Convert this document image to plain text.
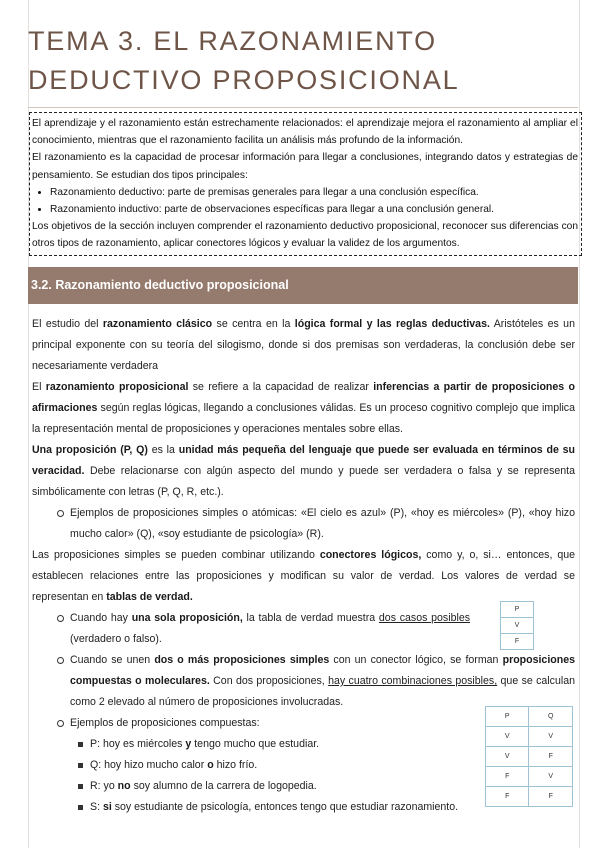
TEMA 3. EL RAZONAMIENTO DEDUCTIVO PROPOSICIONAL

El aprendizaje y el razonamiento están estrechamente relacionados: el aprendizaje mejora el razonamiento al ampliar el conocimiento, mientras que el razonamiento facilita un análisis más profundo de la información.

El razonamiento es la capacidad de procesar información para llegar a conclusiones, integrando datos y estrategias de pensamiento. Se estudian dos tipos principales:

• Razonamiento deductivo: parte de premisas generales para llegar a una conclusión específica.
• Razonamiento inductivo: parte de observaciones específicas para llegar a una conclusión general.

Los objetivos de la sección incluyen comprender el razonamiento deductivo proposicional, reconocer sus diferencias con otros tipos de razonamiento, aplicar conectores lógicos y evaluar la validez de los argumentos.

3.2. Razonamiento deductivo proposicional

El estudio del razonamiento clásico se centra en la lógica formal y las reglas deductivas. Aristóteles es un principal exponente con su teoría del silogismo, donde si dos premisas son verdaderas, la conclusión debe ser necesariamente verdadera

El razonamiento proposicional se refiere a la capacidad de realizar inferencias a partir de proposiciones o afirmaciones según reglas lógicas, llegando a conclusiones válidas. Es un proceso cognitivo complejo que implica la representación mental de proposiciones y operaciones mentales sobre ellas.

Una proposición (P, Q) es la unidad más pequeña del lenguaje que puede ser evaluada en términos de su veracidad. Debe relacionarse con algún aspecto del mundo y puede ser verdadera o falsa y se representa simbólicamente con letras (P, Q, R, etc.).

Ejemplos de proposiciones simples o atómicas: «El cielo es azul» (P), «hoy es miércoles» (P), «hoy hizo mucho calor» (Q), «soy estudiante de psicología» (R).

Las proposiciones simples se pueden combinar utilizando conectores lógicos, como y, o, si… entonces, que establecen relaciones entre las proposiciones y modifican su valor de verdad. Los valores de verdad se representan en tablas de verdad.

Cuando hay una sola proposición, la tabla de verdad muestra dos casos posibles (verdadero o falso).
Cuando se unen dos o más proposiciones simples con un conector lógico, se forman proposiciones compuestas o moleculares. Con dos proposiciones, hay cuatro combinaciones posibles, que se calculan como 2 elevado al número de proposiciones involucradas.
Ejemplos de proposiciones compuestas:
P: hoy es miércoles y tengo mucho que estudiar.
Q: hoy hizo mucho calor o hizo frío.
R: yo no soy alumno de la carrera de logopedia.
S: si soy estudiante de psicología, entonces tengo que estudiar razonamiento.
P
V
F
P	Q
V	V
V	F
F	V
F	F
